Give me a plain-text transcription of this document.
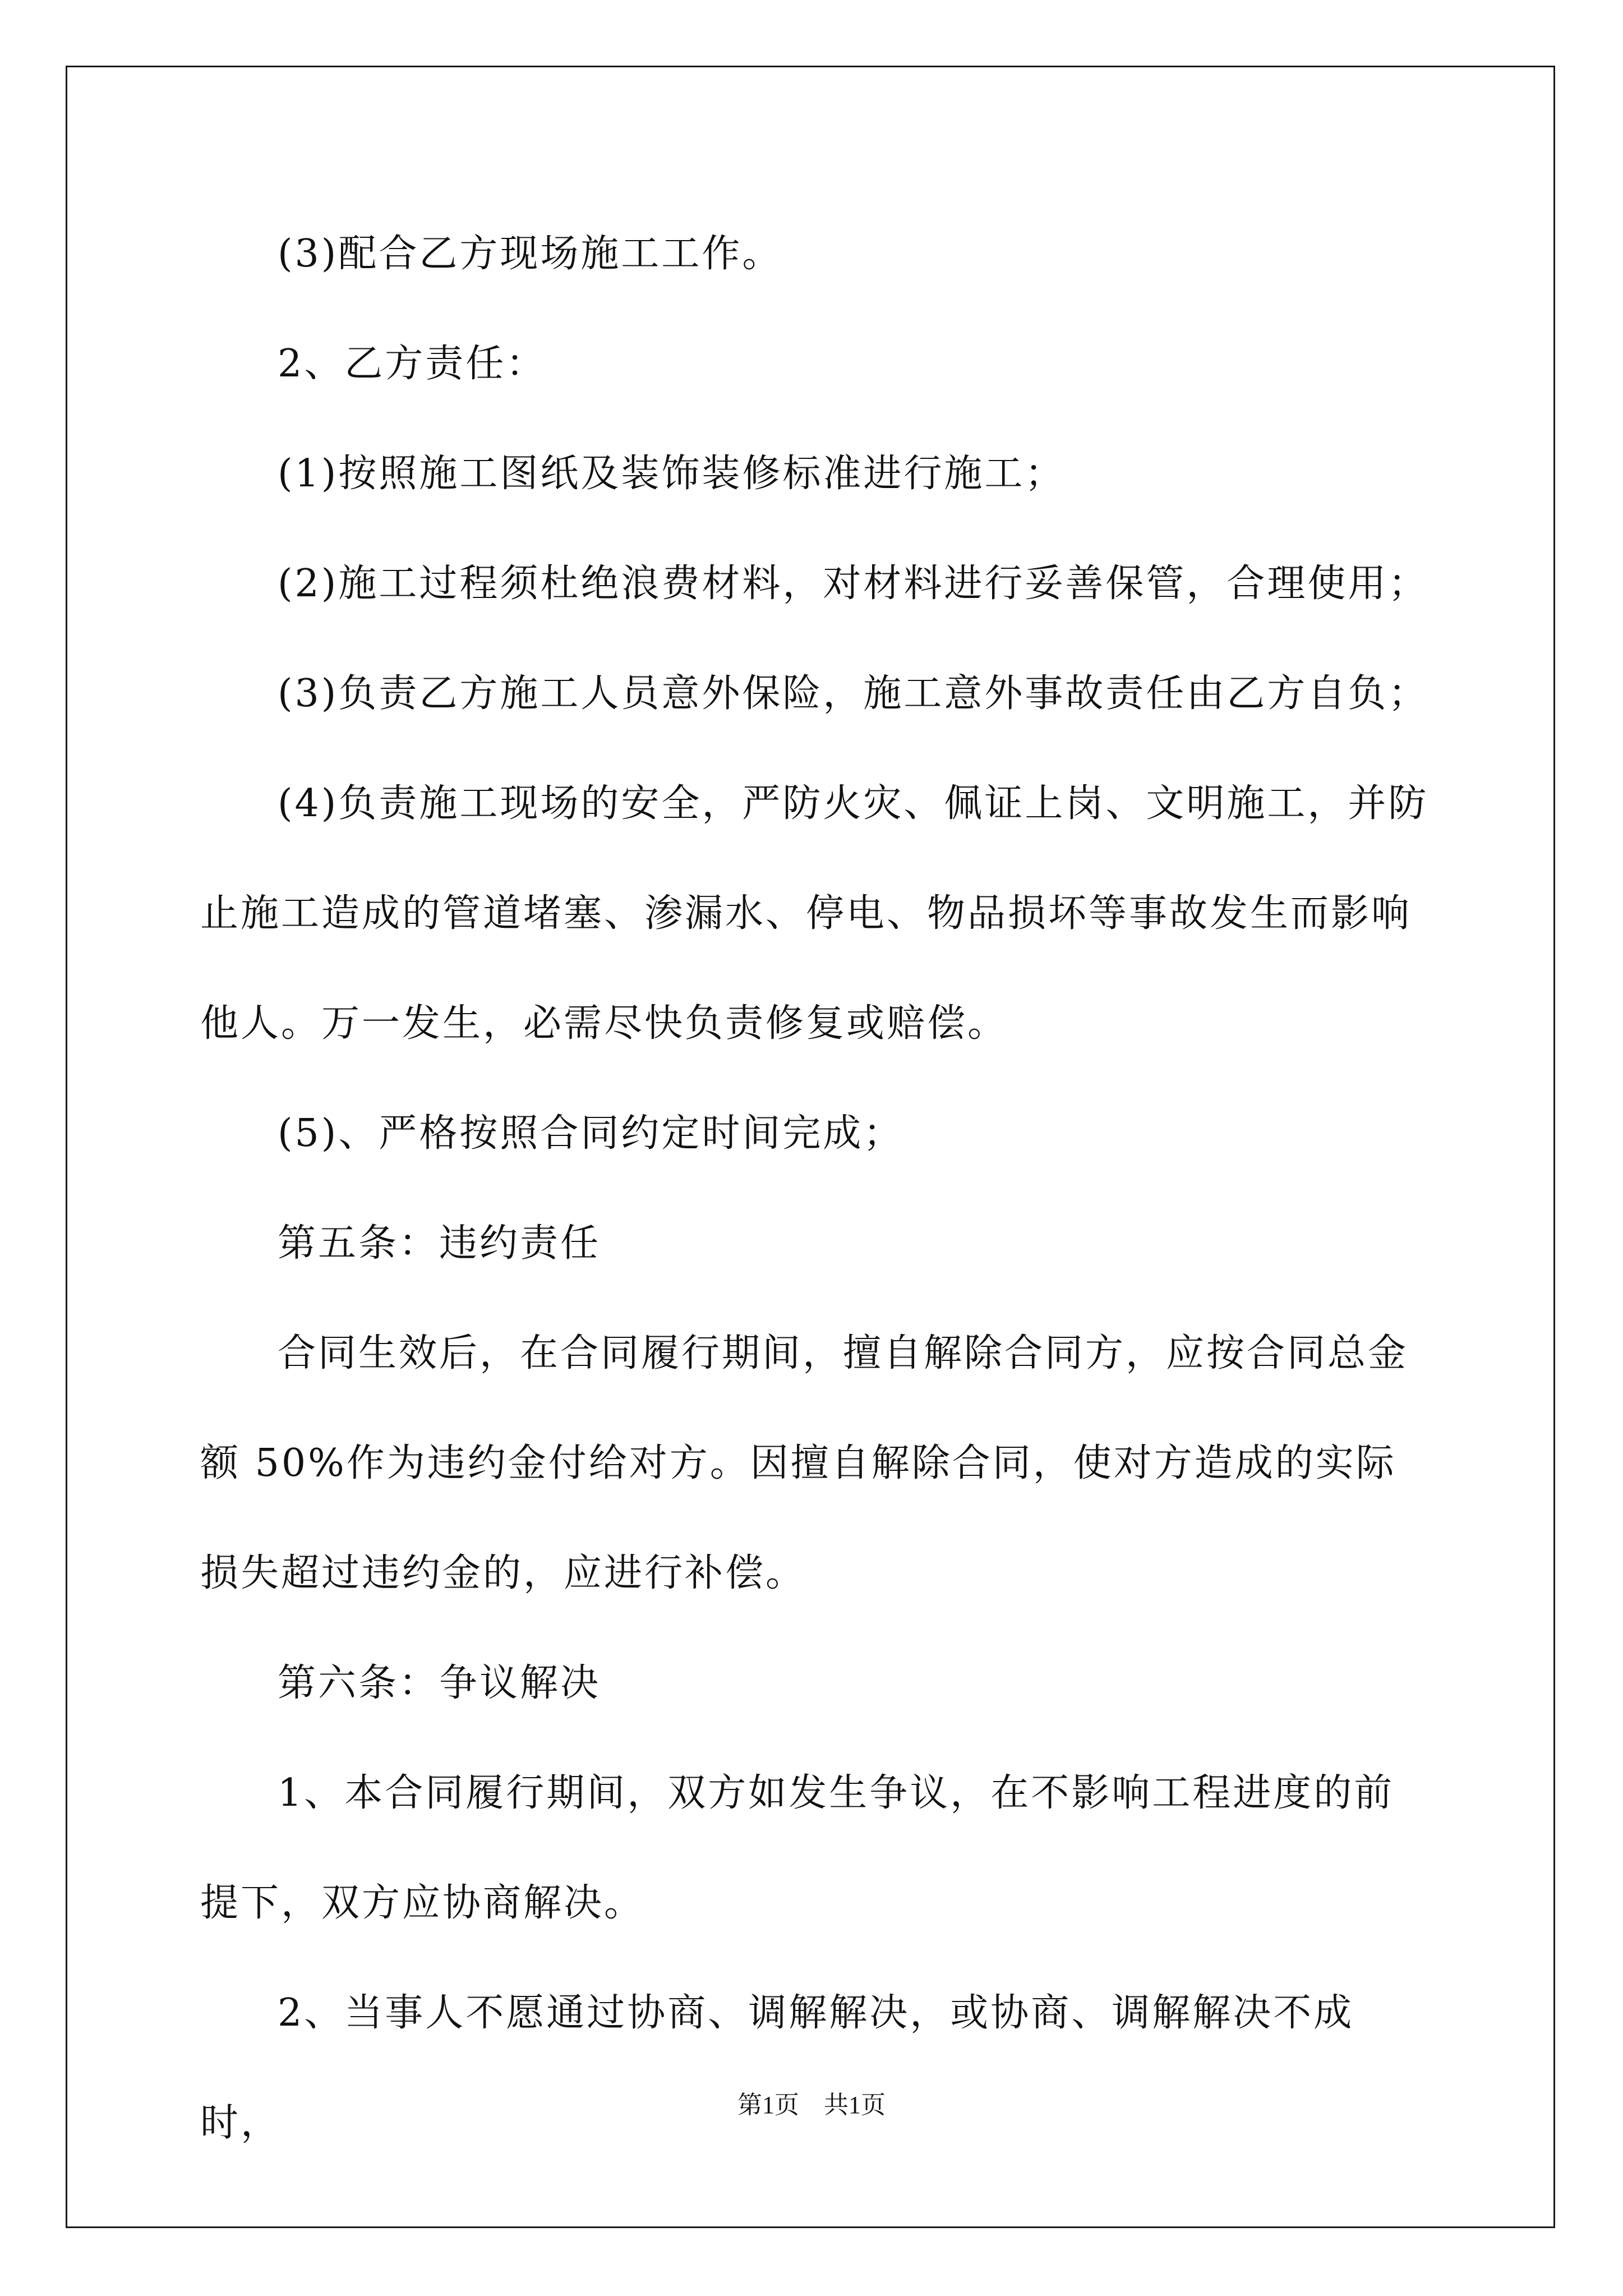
(3)配合乙方现场施工工作。

2、乙方责任：

(1)按照施工图纸及装饰装修标准进行施工；

(2)施工过程须杜绝浪费材料，对材料进行妥善保管，合理使用；

(3)负责乙方施工人员意外保险，施工意外事故责任由乙方自负；

(4)负责施工现场的安全，严防火灾、佩证上岗、文明施工，并防止施工造成的管道堵塞、渗漏水、停电、物品损坏等事故发生而影响他人。万一发生，必需尽快负责修复或赔偿。

(5)、严格按照合同约定时间完成；

第五条：违约责任

合同生效后，在合同履行期间，擅自解除合同方，应按合同总金额 50%作为违约金付给对方。因擅自解除合同，使对方造成的实际损失超过违约金的，应进行补偿。

第六条：争议解决

1、本合同履行期间，双方如发生争议，在不影响工程进度的前提下，双方应协商解决。

2、当事人不愿通过协商、调解解决，或协商、调解解决不成时，	第1页　共1页
